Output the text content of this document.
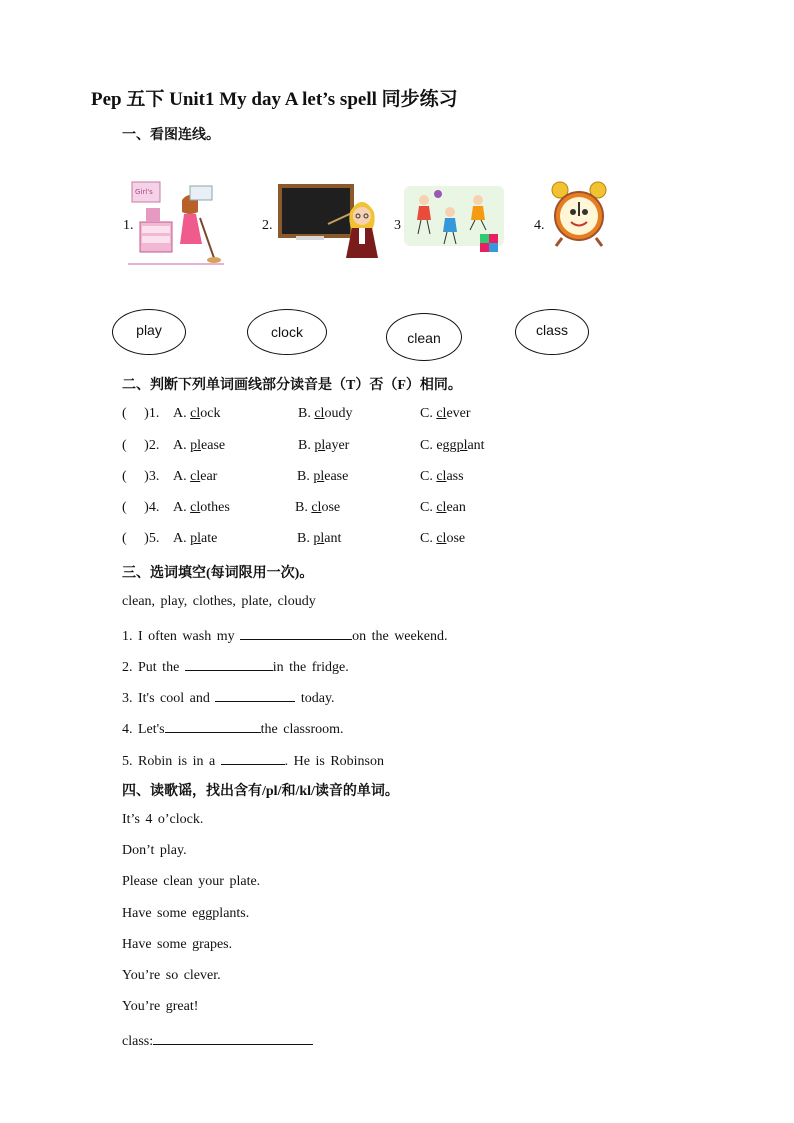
Pep 五下 Unit1 My day A let’s spell 同步练习
一、看图连线。
1.
Girl's
2.	3	4.
play	clock	clean	class
二、判断下列单词画线部分读音是（T）否（F）相同。
(     )1. A. clock	B. cloudy	C. clever
(     )2. A. please	B. player	C. eggplant
(     )3. A. clear	B. please	C. class
(     )4. A. clothes	B. close	C. clean
(     )5. A. plate	B. plant	C. close
三、选词填空(每词限用一次)。
clean, play, clothes, plate, cloudy
1. I often wash my	on the weekend.
2. Put the	in the fridge.
3. It's cool and	today.
4. Let's	the classroom.
5. Robin is in a	. He is Robinson
四、读歌谣，找出含有/pl/和/kl/读音的单词。
It’s 4 o’clock.
Don’t play.
Please clean your plate.
Have some eggplants.
Have some grapes.
You’re so clever.
You’re great!
class:
